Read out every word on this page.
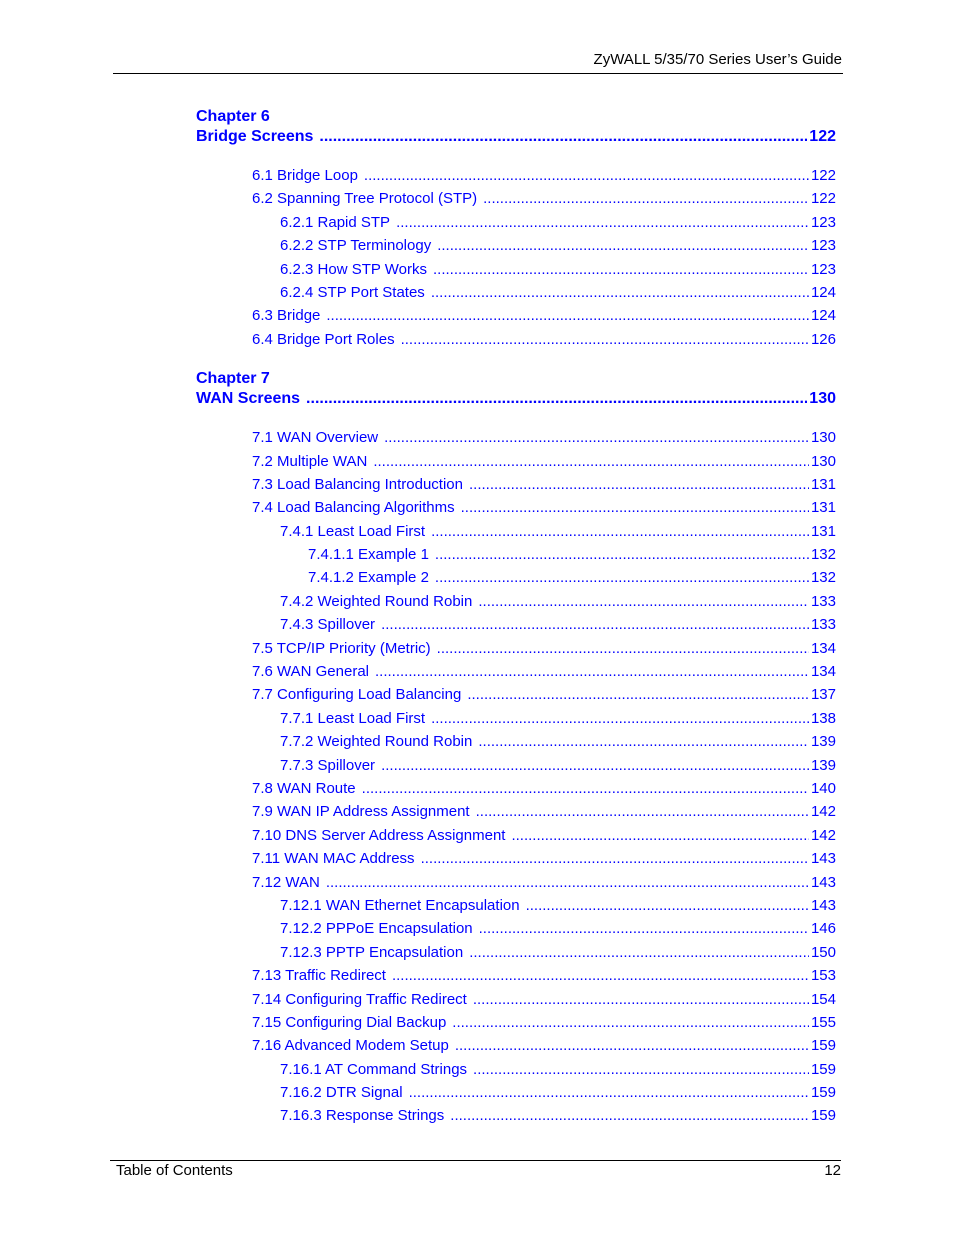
ZyWALL 5/35/70 Series User’s Guide
Chapter 6
Bridge Screens .....	122
6.1 Bridge Loop .....	122
6.2 Spanning Tree Protocol (STP) .....	122
6.2.1 Rapid STP .....	123
6.2.2 STP Terminology .....	123
6.2.3 How STP Works .....	123
6.2.4 STP Port States .....	124
6.3 Bridge .....	124
6.4 Bridge Port Roles .....	126
Chapter 7
WAN Screens .....	130
7.1 WAN Overview .....	130
7.2 Multiple WAN .....	130
7.3 Load Balancing Introduction .....	131
7.4 Load Balancing Algorithms .....	131
7.4.1 Least Load First .....	131
7.4.1.1 Example 1 .....	132
7.4.1.2 Example 2 .....	132
7.4.2 Weighted Round Robin .....	133
7.4.3 Spillover .....	133
7.5 TCP/IP Priority (Metric) .....	134
7.6 WAN General .....	134
7.7 Configuring Load Balancing .....	137
7.7.1 Least Load First .....	138
7.7.2 Weighted Round Robin .....	139
7.7.3 Spillover .....	139
7.8 WAN Route .....	140
7.9 WAN IP Address Assignment .....	142
7.10 DNS Server Address Assignment .....	142
7.11 WAN MAC Address .....	143
7.12 WAN .....	143
7.12.1 WAN Ethernet Encapsulation .....	143
7.12.2 PPPoE Encapsulation .....	146
7.12.3 PPTP Encapsulation .....	150
7.13 Traffic Redirect .....	153
7.14 Configuring Traffic Redirect .....	154
7.15 Configuring Dial Backup .....	155
7.16 Advanced Modem Setup .....	159
7.16.1 AT Command Strings .....	159
7.16.2 DTR Signal .....	159
7.16.3 Response Strings .....	159
Table of Contents	12
